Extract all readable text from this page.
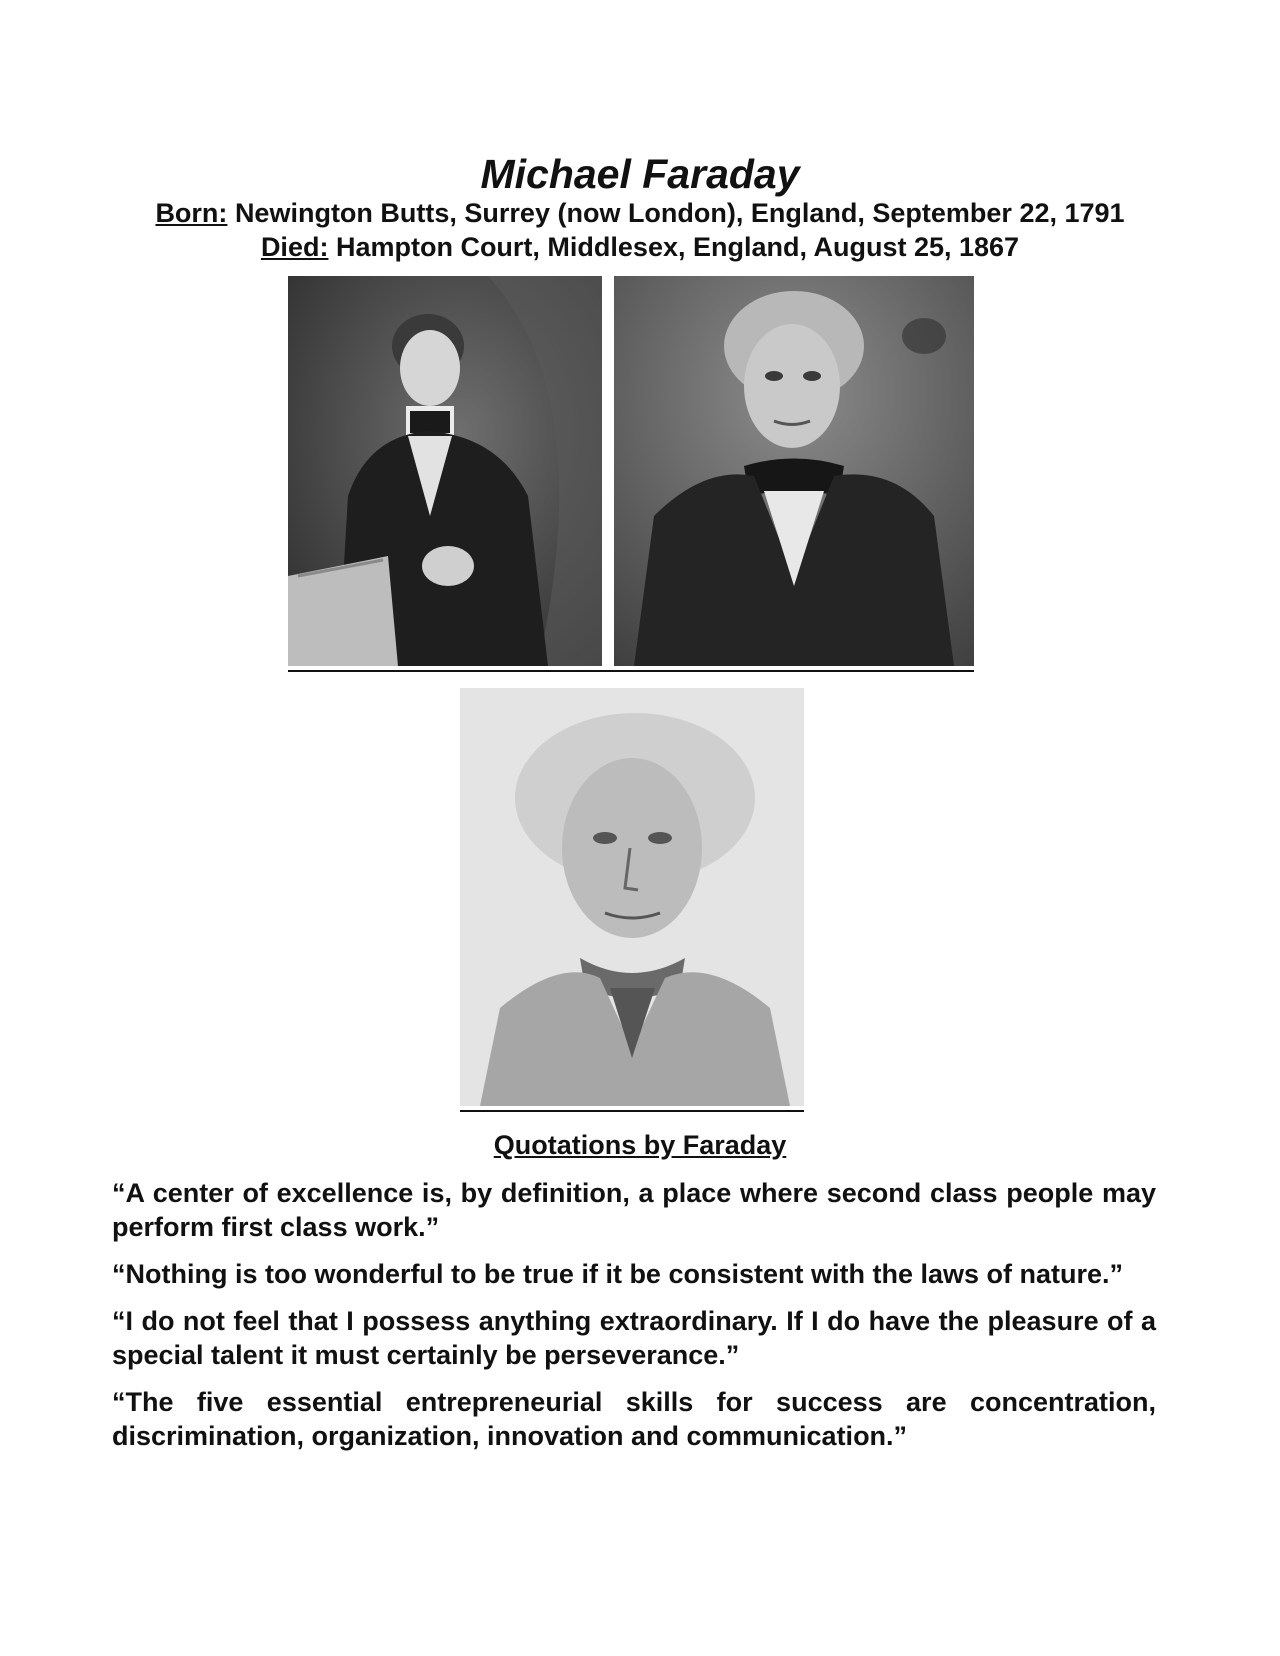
Michael Faraday
Born: Newington Butts, Surrey (now London), England, September 22, 1791
Died: Hampton Court, Middlesex, England, August 25, 1867
Quotations by Faraday

“A center of excellence is, by definition, a place where second class people may perform first class work.”

“Nothing is too wonderful to be true if it be consistent with the laws of nature.”

“I do not feel that I possess anything extraordinary. If I do have the pleasure of a special talent it must certainly be perseverance.”

“The five essential entrepreneurial skills for success are concentration, discrimination, organization, innovation and communication.”
